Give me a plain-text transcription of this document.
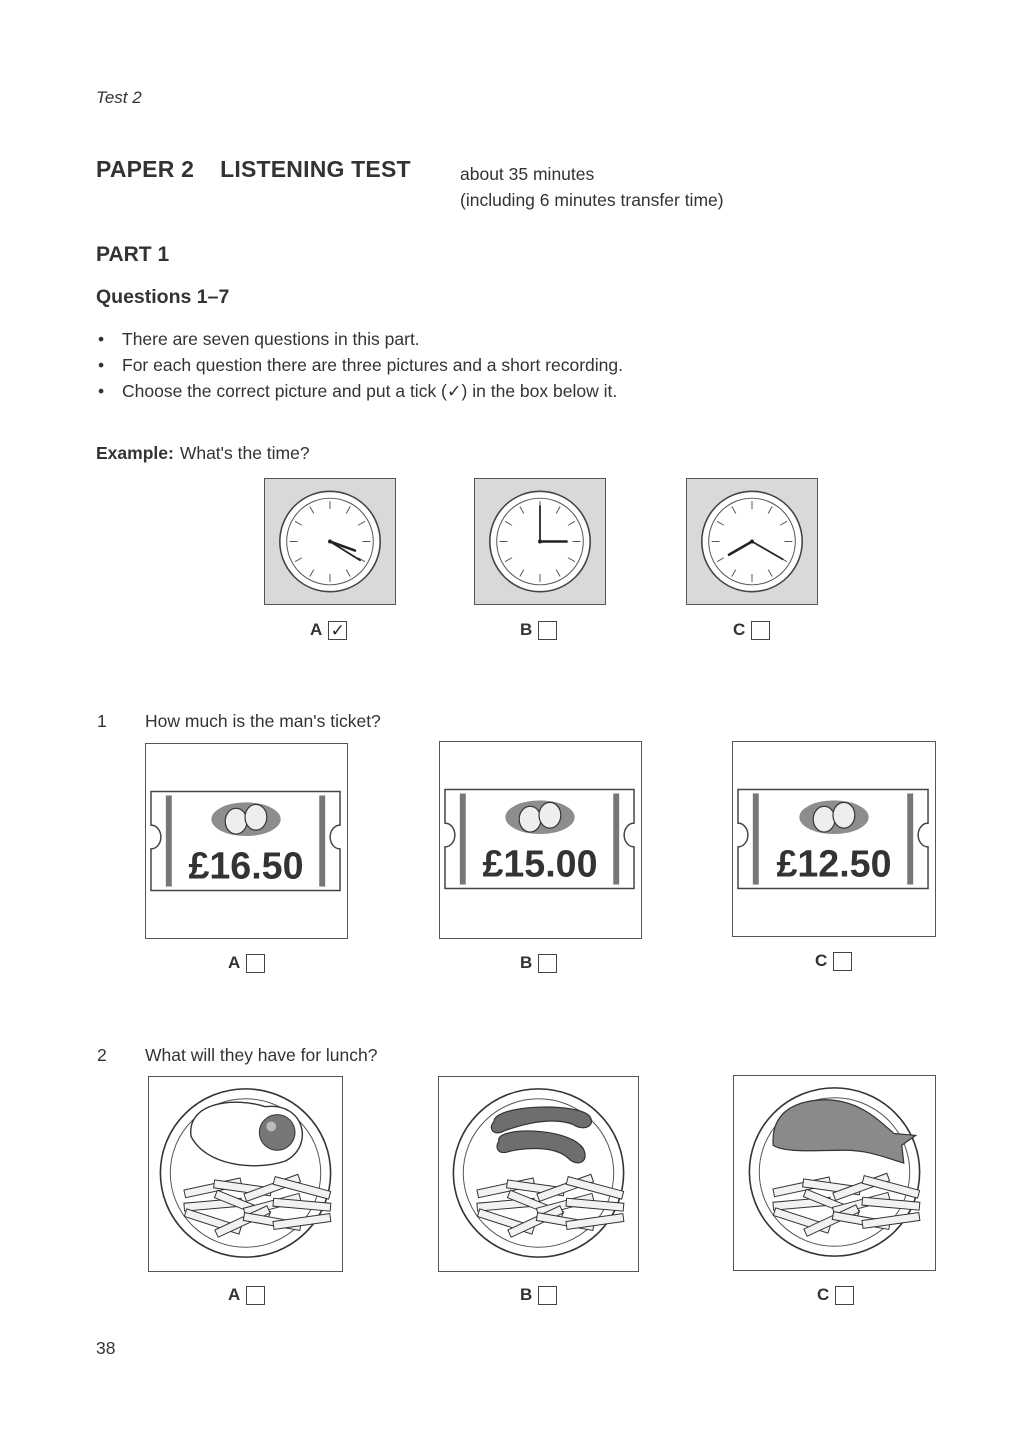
Test 2
PAPER 2 LISTENING TEST	about 35 minutes
(including 6 minutes transfer time)
PART 1
Questions 1–7
• There are seven questions in this part.
• For each question there are three pictures and a short recording.
• Choose the correct picture and put a tick (✓) in the box below it.
Example: What's the time?
A ✓	B	C
1 How much is the man's ticket?
£16.50	£15.00	£12.50
A	B	C
2 What will they have for lunch?
A	B	C
38
